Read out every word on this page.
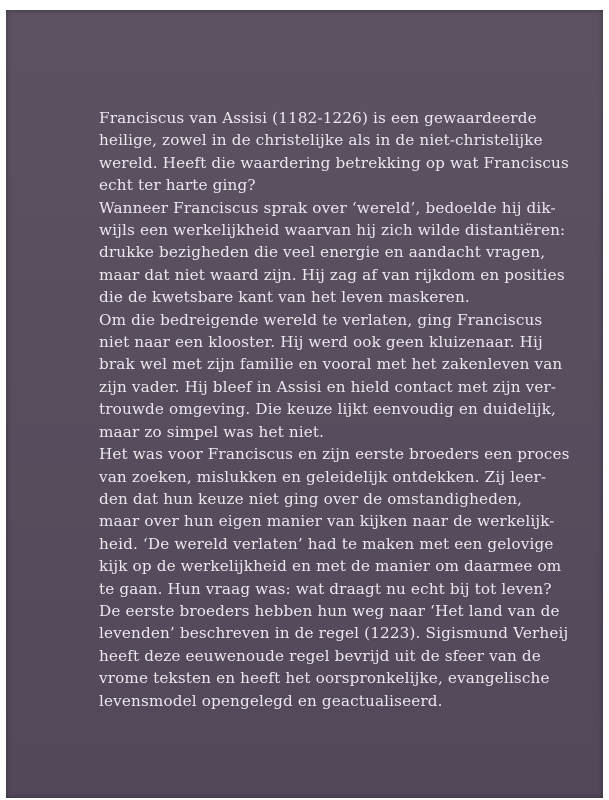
Franciscus van Assisi (1182-1226) is een gewaardeerde
heilige, zowel in de christelijke als in de niet-christelijke
wereld. Heeft die waardering betrekking op wat Franciscus
echt ter harte ging?
Wanneer Franciscus sprak over ‘wereld’, bedoelde hij dik-
wijls een werkelijkheid waarvan hij zich wilde distantiëren:
drukke bezigheden die veel energie en aandacht vragen,
maar dat niet waard zijn. Hij zag af van rijkdom en posities
die de kwetsbare kant van het leven maskeren.
Om die bedreigende wereld te verlaten, ging Franciscus
niet naar een klooster. Hij werd ook geen kluizenaar. Hij
brak wel met zijn familie en vooral met het zakenleven van
zijn vader. Hij bleef in Assisi en hield contact met zijn ver-
trouwde omgeving. Die keuze lijkt eenvoudig en duidelijk,
maar zo simpel was het niet.
Het was voor Franciscus en zijn eerste broeders een proces
van zoeken, mislukken en geleidelijk ontdekken. Zij leer-
den dat hun keuze niet ging over de omstandigheden,
maar over hun eigen manier van kijken naar de werkelijk-
heid. ‘De wereld verlaten’ had te maken met een gelovige
kijk op de werkelijkheid en met de manier om daarmee om
te gaan. Hun vraag was: wat draagt nu echt bij tot leven?
De eerste broeders hebben hun weg naar ‘Het land van de
levenden’ beschreven in de regel (1223). Sigismund Verheij
heeft deze eeuwenoude regel bevrijd uit de sfeer van de
vrome teksten en heeft het oorspronkelijke, evangelische
levensmodel opengelegd en geactualiseerd.
